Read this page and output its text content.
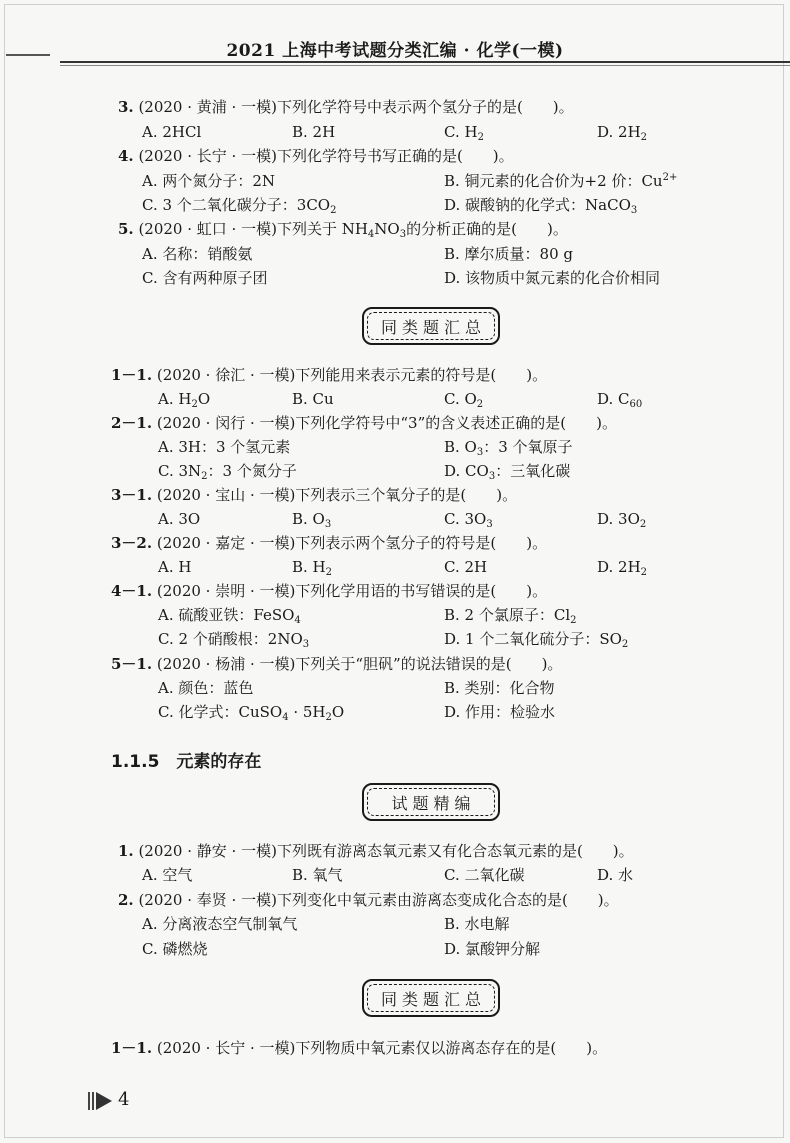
2021 上海中考试题分类汇编 · 化学(一模)
3. (2020 · 黄浦 · 一模)下列化学符号中表示两个氢分子的是(　　)。
A. 2HCl	B. 2H	C. $H_2$	D. $2H_2$
4. (2020 · 长宁 · 一模)下列化学符号书写正确的是(　　)。
A. 两个氮分子：2N	B. 铜元素的化合价为+2 价：$Cu^{2+}$
C. 3 个二氧化碳分子：$3CO_2$	D. 碳酸钠的化学式：NaCO$_3$
5. (2020 · 虹口 · 一模)下列关于 $NH_4NO_3$的分析正确的是(　　)。
A. 名称：销酸氨	B. 摩尔质量：80 g
C. 含有两种原子团	D. 该物质中氮元素的化合价相同
同类题汇总
1－1. (2020 · 徐汇 · 一模)下列能用来表示元素的符号是(　　)。
A. $H_2O$	B. Cu	C. $O_2$	D. $C_{60}$
2－1. (2020 · 闵行 · 一模)下列化学符号中“3”的含义表述正确的是(　　)。
A. 3H：3 个氢元素	B. $O_3$：3 个氧原子
C. $3N_2$：3 个氮分子	D. $CO_3$：三氧化碳
3－1. (2020 · 宝山 · 一模)下列表示三个氧分子的是(　　)。
A. 3O	B. $O_3$	C. $3O_3$	D. $3O_2$
3－2. (2020 · 嘉定 · 一模)下列表示两个氢分子的符号是(　　)。
A. H	B. $H_2$	C. 2H	D. $2H_2$
4－1. (2020 · 崇明 · 一模)下列化学用语的书写错误的是(　　)。
A. 硫酸亚铁：FeSO$_4$	B. 2 个氯原子：$Cl_2$
C. 2 个硝酸根：$2NO_3$	D. 1 个二氧化硫分子：$SO_2$
5－1. (2020 · 杨浦 · 一模)下列关于“胆矾”的说法错误的是(　　)。
A. 颜色：蓝色	B. 类别：化合物
C. 化学式：CuSO$_4$ · $5H_2O$	D. 作用：检验水
1.1.5　 元素的存在
试题精编
1. (2020 · 静安 · 一模)下列既有游离态氧元素又有化合态氧元素的是(　　)。
A. 空气	B. 氧气	C. 二氧化碳	D. 水
2. (2020 · 奉贤 · 一模)下列变化中氧元素由游离态变成化合态的是(　　)。
A. 分离液态空气制氧气	B. 水电解
C. 磷燃烧	D. 氯酸钾分解
同类题汇总
1－1. (2020 · 长宁 · 一模)下列物质中氧元素仅以游离态存在的是(　　)。
4
